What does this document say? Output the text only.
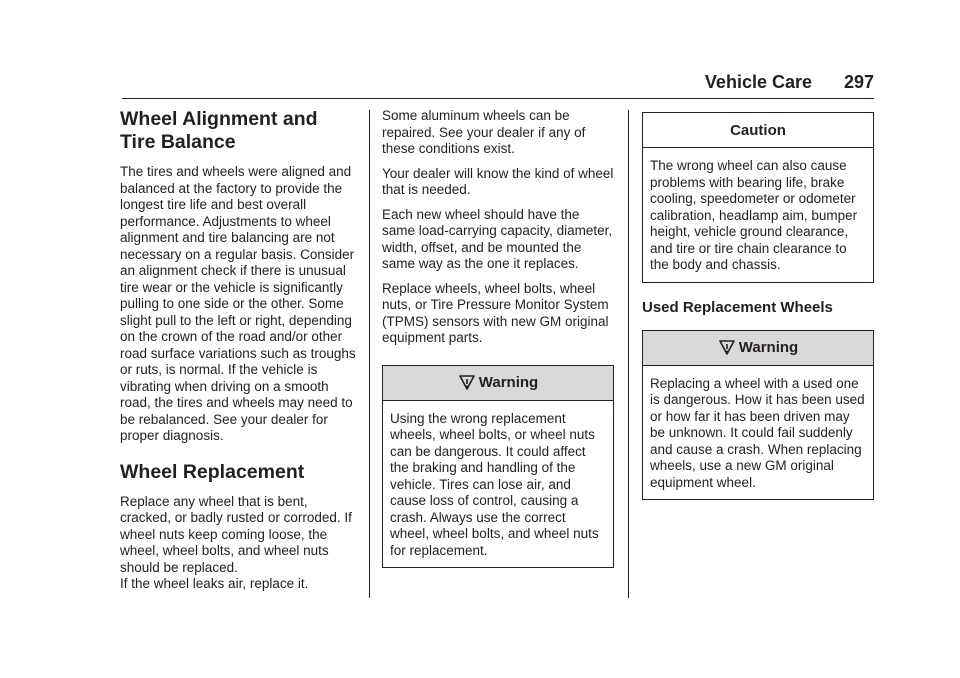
Vehicle Care 297
Wheel Alignment and Tire Balance

The tires and wheels were aligned and balanced at the factory to provide the longest tire life and best overall performance. Adjustments to wheel alignment and tire balancing are not necessary on a regular basis. Consider an alignment check if there is unusual tire wear or the vehicle is significantly pulling to one side or the other. Some slight pull to the left or right, depending on the crown of the road and/or other road surface variations such as troughs or ruts, is normal. If the vehicle is vibrating when driving on a smooth road, the tires and wheels may need to be rebalanced. See your dealer for proper diagnosis.

Wheel Replacement

Replace any wheel that is bent, cracked, or badly rusted or corroded. If wheel nuts keep coming loose, the wheel, wheel bolts, and wheel nuts should be replaced.

If the wheel leaks air, replace it.

Some aluminum wheels can be repaired. See your dealer if any of these conditions exist.

Your dealer will know the kind of wheel that is needed.

Each new wheel should have the same load-carrying capacity, diameter, width, offset, and be mounted the same way as the one it replaces.

Replace wheels, wheel bolts, wheel nuts, or Tire Pressure Monitor System (TPMS) sensors with new GM original equipment parts.

Warning

Using the wrong replacement wheels, wheel bolts, or wheel nuts can be dangerous. It could affect the braking and handling of the vehicle. Tires can lose air, and cause loss of control, causing a crash. Always use the correct wheel, wheel bolts, and wheel nuts for replacement.

Caution

The wrong wheel can also cause problems with bearing life, brake cooling, speedometer or odometer calibration, headlamp aim, bumper height, vehicle ground clearance, and tire or tire chain clearance to the body and chassis.

Used Replacement Wheels
Warning

Replacing a wheel with a used one is dangerous. How it has been used or how far it has been driven may be unknown. It could fail suddenly and cause a crash. When replacing wheels, use a new GM original equipment wheel.
